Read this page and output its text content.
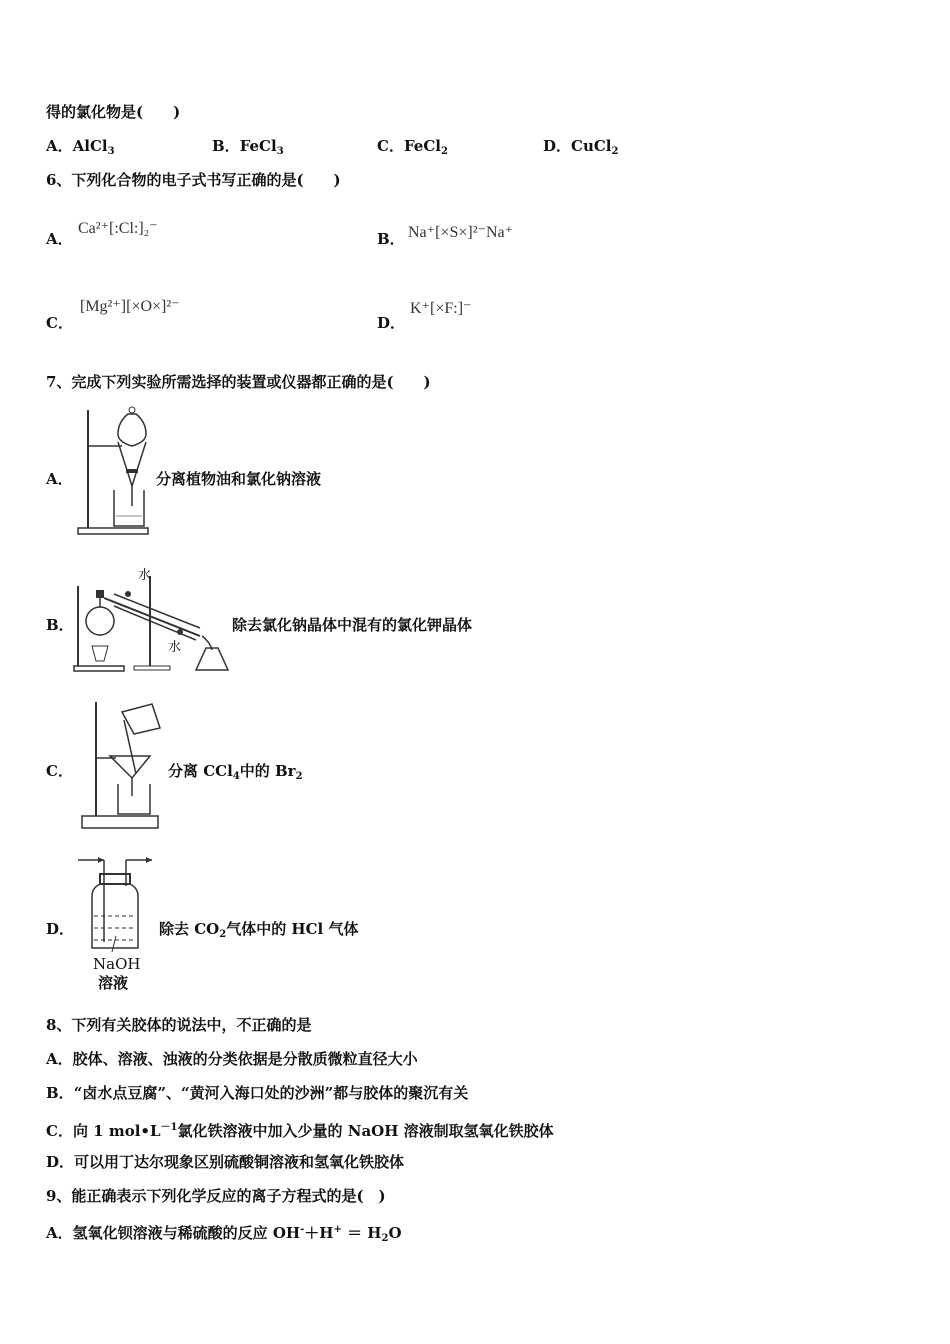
得的氯化物是(　　)
A．AlCl$_3$	B．FeCl$_3$	C．FeCl$_2$	D．CuCl$_2$
6、下列化合物的电子式书写正确的是(　　)
A．
Ca²⁺[:Cl:]₂⁻
B． Na⁺[×S×]²⁻Na⁺
C．
[Mg²⁺][×O×]²⁻
D．
K⁺[×F:]⁻
7、完成下列实验所需选择的装置或仪器都正确的是(　　)
A．	分离植物油和氯化钠溶液
B．
水
水
除去氯化钠晶体中混有的氯化钾晶体
C．	分离 CCl$_4$中的 $Br_2$
D．
NaOH
溶液
除去 $CO_2$气体中的 HCl 气体
8、下列有关胶体的说法中，不正确的是
A．胶体、溶液、浊液的分类依据是分散质微粒直径大小
B．“卤水点豆腐”、“黄河入海口处的沙洲”都与胶体的聚沉有关
C．向 1 $mol•L^{-1}$氯化铁溶液中加入少量的 NaOH 溶液制取氢氧化铁胶体
D．可以用丁达尔现象区别硫酸铜溶液和氢氧化铁胶体
9、能正确表示下列化学反应的离子方程式的是(　)
A．氢氧化钡溶液与稀硫酸的反应 $OH^-+H^+ = H_2O$
